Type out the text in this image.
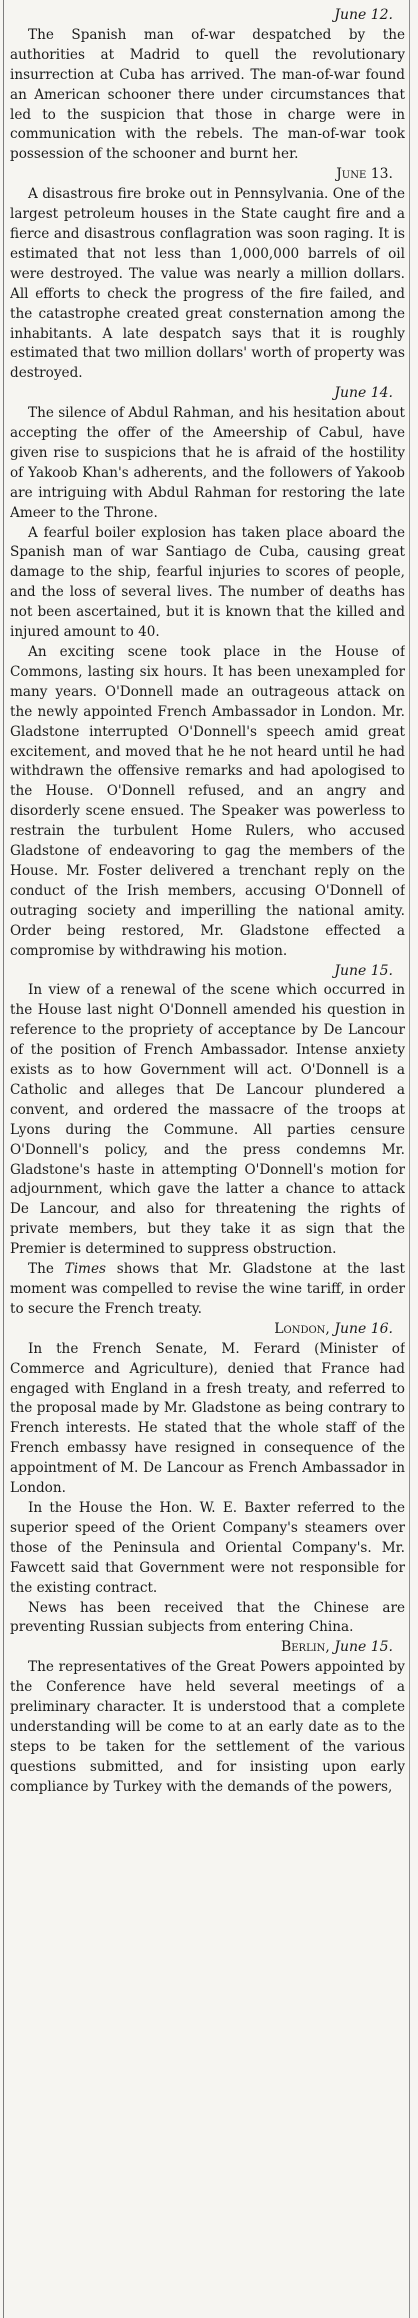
June 12.

The Spanish man of-war despatched by the authorities at Madrid to quell the revolutionary insurrection at Cuba has arrived. The man-of-war found an American schooner there under circumstances that led to the suspicion that those in charge were in communication with the rebels. The man-of-war took possession of the schooner and burnt her.

June 13.

A disastrous fire broke out in Pennsylvania. One of the largest petroleum houses in the State caught fire and a fierce and disastrous conflagration was soon raging. It is estimated that not less than 1,000,000 barrels of oil were destroyed. The value was nearly a million dollars. All efforts to check the progress of the fire failed, and the catastrophe created great consternation among the inhabitants. A late despatch says that it is roughly estimated that two million dollars' worth of property was destroyed.

June 14.

The silence of Abdul Rahman, and his hesitation about accepting the offer of the Ameership of Cabul, have given rise to suspicions that he is afraid of the hostility of Yakoob Khan's adherents, and the followers of Yakoob are intriguing with Abdul Rahman for restoring the late Ameer to the Throne.

A fearful boiler explosion has taken place aboard the Spanish man of war Santiago de Cuba, causing great damage to the ship, fearful injuries to scores of people, and the loss of several lives. The number of deaths has not been ascertained, but it is known that the killed and injured amount to 40.

An exciting scene took place in the House of Commons, lasting six hours. It has been unexampled for many years. O'Donnell made an outrageous attack on the newly appointed French Ambassador in London. Mr. Gladstone interrupted O'Donnell's speech amid great excitement, and moved that he he not heard until he had withdrawn the offensive remarks and had apologised to the House. O'Donnell refused, and an angry and disorderly scene ensued. The Speaker was powerless to restrain the turbulent Home Rulers, who accused Gladstone of endeavoring to gag the members of the House. Mr. Foster delivered a trenchant reply on the conduct of the Irish members, accusing O'Donnell of outraging society and imperilling the national amity. Order being restored, Mr. Gladstone effected a compromise by withdrawing his motion.

June 15.

In view of a renewal of the scene which occurred in the House last night O'Donnell amended his question in reference to the propriety of acceptance by De Lancour of the position of French Ambassador. Intense anxiety exists as to how Government will act. O'Donnell is a Catholic and alleges that De Lancour plundered a convent, and ordered the massacre of the troops at Lyons during the Commune. All parties censure O'Donnell's policy, and the press condemns Mr. Gladstone's haste in attempting O'Donnell's motion for adjournment, which gave the latter a chance to attack De Lancour, and also for threatening the rights of private members, but they take it as sign that the Premier is determined to suppress obstruction.

The Times shows that Mr. Gladstone at the last moment was compelled to revise the wine tariff, in order to secure the French treaty.

London, June 16.

In the French Senate, M. Ferard (Minister of Commerce and Agriculture), denied that France had engaged with England in a fresh treaty, and referred to the proposal made by Mr. Gladstone as being contrary to French interests. He stated that the whole staff of the French embassy have resigned in consequence of the appointment of M. De Lancour as French Ambassador in London.

In the House the Hon. W. E. Baxter referred to the superior speed of the Orient Company's steamers over those of the Peninsula and Oriental Company's. Mr. Fawcett said that Government were not responsible for the existing contract.

News has been received that the Chinese are preventing Russian subjects from entering China.

Berlin, June 15.

The representatives of the Great Powers appointed by the Conference have held several meetings of a preliminary character. It is understood that a complete understanding will be come to at an early date as to the steps to be taken for the settlement of the various questions submitted, and for insisting upon early compliance by Turkey with the demands of the powers,
